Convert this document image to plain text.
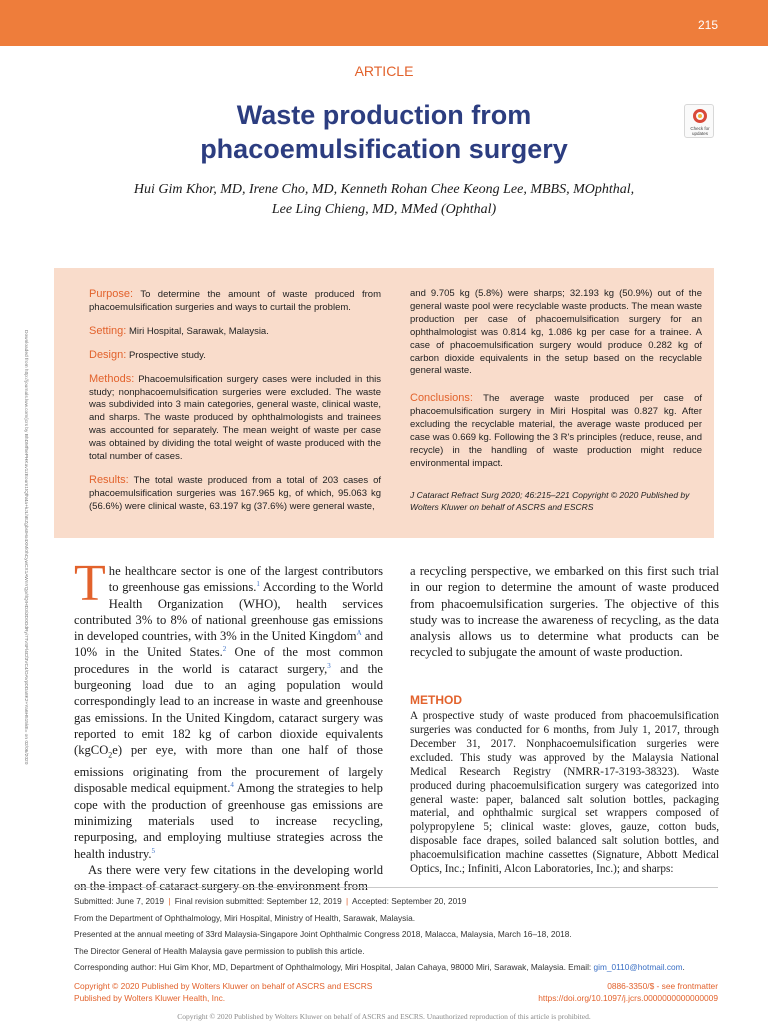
215
ARTICLE
Waste production from phacoemulsification surgery
Check for updates
Hui Gim Khor, MD, Irene Cho, MD, Kenneth Rohan Chee Keong Lee, MBBS, MOphthal,
Lee Ling Chieng, MD, MMed (Ophthal)
Downloaded from http://journals.lww.com/jcrs by BhDMf5ePHKav1zEoum1tQfN4a+kJLhEZgbsIHo4XMi0hCywCX1AWnYQp/IlQrHD3i3D0OdRyi7TvSFl4Cf3VC4/OAVpDDa8K2+Ya6H515kE= on 02/06/2020

Purpose: To determine the amount of waste produced from phacoemulsification surgeries and ways to curtail the problem.

Setting: Miri Hospital, Sarawak, Malaysia.

Design: Prospective study.

Methods: Phacoemulsification surgery cases were included in this study; nonphacoemulsification surgeries were excluded. The waste was subdivided into 3 main categories, general waste, clinical waste, and sharps. The waste produced by ophthalmologists and trainees was accounted for separately. The mean weight of waste per case was obtained by dividing the total weight of waste produced with the total number of cases.

Results: The total waste produced from a total of 203 cases of phacoemulsification surgeries was 167.965 kg, of which, 95.063 kg (56.6%) were clinical waste, 63.197 kg (37.6%) were general waste,

and 9.705 kg (5.8%) were sharps; 32.193 kg (50.9%) out of the general waste pool were recyclable waste products. The mean waste production per case of phacoemulsification surgery for an ophthalmologist was 0.814 kg, 1.086 kg per case for a trainee. A case of phacoemulsification surgery would produce 0.282 kg of carbon dioxide equivalents in the setup based on the recyclable general waste.

Conclusions: The average waste produced per case of phacoemulsification surgery in Miri Hospital was 0.827 kg. After excluding the recyclable material, the average waste produced per case was 0.669 kg. Following the 3 R's principles (reduce, reuse, and recycle) in the handling of waste production might reduce environmental impact.

J Cataract Refract Surg 2020; 46:215–221 Copyright © 2020 Published by Wolters Kluwer on behalf of ASCRS and ESCRS

The healthcare sector is one of the largest contributors to greenhouse gas emissions.$^1$ According to the World Health Organization (WHO), health services contributed 3% to 8% of national greenhouse gas emissions in developed countries, with 3% in the United Kingdom$^A$ and 10% in the United States.$^2$ One of the most common procedures in the world is cataract surgery,$^3$ and the burgeoning load due to an aging population would correspondingly lead to an increase in waste and greenhouse gas emissions. In the United Kingdom, cataract surgery was reported to emit 182 kg of carbon dioxide equivalents (kgCO$_2$e) per eye, with more than one half of those emissions originating from the procurement of largely disposable medical equipment.$^4$ Among the strategies to help cope with the production of greenhouse gas emissions are minimizing materials used to increase recycling, repurposing, and employing multiuse strategies across the health industry.$^5$

As there were very few citations in the developing world on the impact of cataract surgery on the environment from

a recycling perspective, we embarked on this first such trial in our region to determine the amount of waste produced from phacoemulsification surgeries. The objective of this study was to increase the awareness of recycling, as the data analysis allows us to determine what products can be recycled to subjugate the amount of waste production.

METHOD

A prospective study of waste produced from phacoemulsification surgeries was conducted for 6 months, from July 1, 2017, through December 31, 2017. Nonphacoemulsification surgeries were excluded. This study was approved by the Malaysia National Medical Research Registry (NMRR-17-3193-38323). Waste produced during phacoemulsification surgery was categorized into general waste: paper, balanced salt solution bottles, packaging material, and ophthalmic surgical set wrappers composed of polypropylene 5; clinical waste: gloves, gauze, cotton buds, disposable face drapes, soiled balanced salt solution bottles, and phacoemulsification machine cassettes (Signature, Abbott Medical Optics, Inc.; Infiniti, Alcon Laboratories, Inc.); and sharps:

Submitted: June 7, 2019 | Final revision submitted: September 12, 2019 | Accepted: September 20, 2019

From the Department of Ophthalmology, Miri Hospital, Ministry of Health, Sarawak, Malaysia.

Presented at the annual meeting of 33rd Malaysia-Singapore Joint Ophthalmic Congress 2018, Malacca, Malaysia, March 16–18, 2018.

The Director General of Health Malaysia gave permission to publish this article.

Corresponding author: Hui Gim Khor, MD, Department of Ophthalmology, Miri Hospital, Jalan Cahaya, 98000 Miri, Sarawak, Malaysia. Email: gim_0110@hotmail.com.

Copyright © 2020 Published by Wolters Kluwer on behalf of ASCRS and ESCRS
Published by Wolters Kluwer Health, Inc.
0886-3350/$ - see frontmatter
https://doi.org/10.1097/j.jcrs.0000000000000009
Copyright © 2020 Published by Wolters Kluwer on behalf of ASCRS and ESCRS. Unauthorized reproduction of this article is prohibited.
